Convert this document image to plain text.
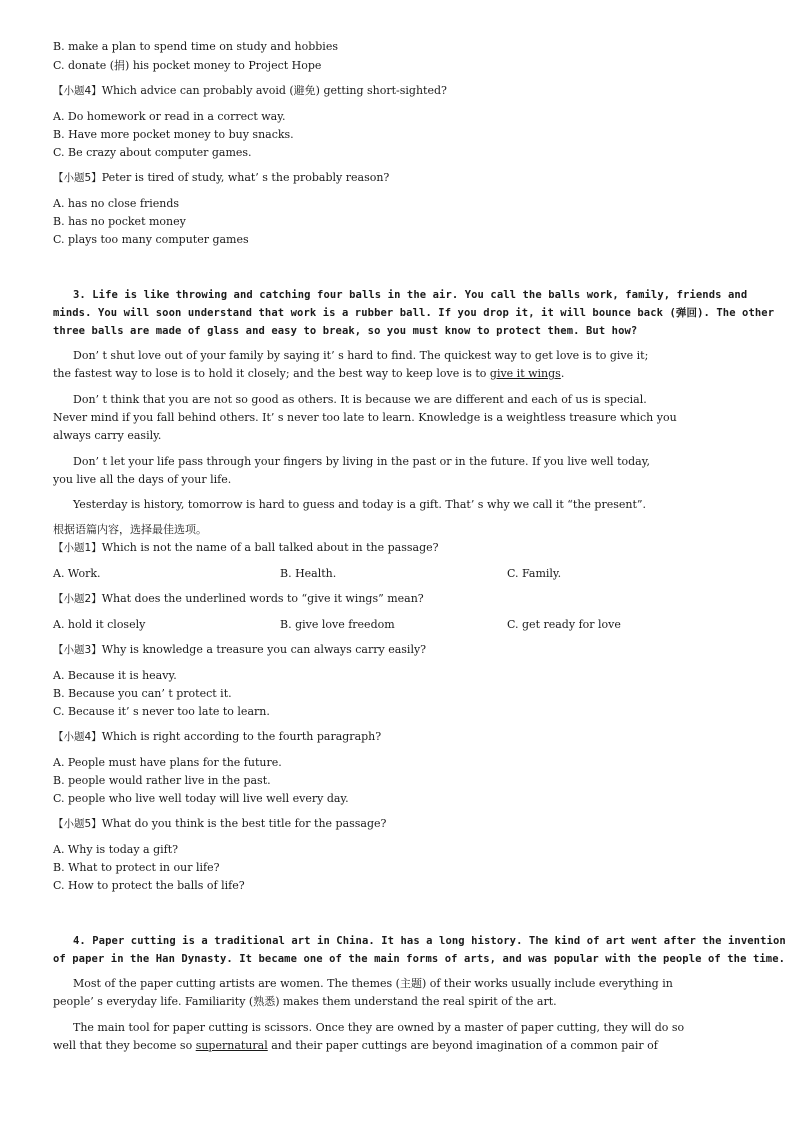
B. make a plan to spend time on study and hobbies
C. donate (捐) his pocket money to Project Hope
【小题4】Which advice can probably avoid (避免) getting short-sighted?
A. Do homework or read in a correct way.
B. Have more pocket money to buy snacks.
C. Be crazy about computer games.
【小题5】Peter is tired of study, what’ s the probably reason?
A. has no close friends
B. has no pocket money
C. plays too many computer games
3. Life is like throwing and catching four balls in the air. You call the balls work, family, friends and
minds. You will soon understand that work is a rubber ball. If you drop it, it will bounce back (弹回). The other
three balls are made of glass and easy to break, so you must know to protect them. But how?
Don’ t shut love out of your family by saying it’ s hard to find. The quickest way to get love is to give it;
the fastest way to lose is to hold it closely; and the best way to keep love is to give it wings.
Don’ t think that you are not so good as others. It is because we are different and each of us is special.
Never mind if you fall behind others. It’ s never too late to learn. Knowledge is a weightless treasure which you
always carry easily.
Don’ t let your life pass through your fingers by living in the past or in the future. If you live well today,
you live all the days of your life.
Yesterday is history, tomorrow is hard to guess and today is a gift. That’ s why we call it “the present”.
根据语篇内容，选择最佳选项。
【小题1】Which is not the name of a ball talked about in the passage?
A. Work.	B. Health.	C. Family.
【小题2】What does the underlined words to “give it wings” mean?
A. hold it closely	B. give love freedom	C. get ready for love
【小题3】Why is knowledge a treasure you can always carry easily?
A. Because it is heavy.
B. Because you can’ t protect it.
C. Because it’ s never too late to learn.
【小题4】Which is right according to the fourth paragraph?
A. People must have plans for the future.
B. people would rather live in the past.
C. people who live well today will live well every day.
【小题5】What do you think is the best title for the passage?
A. Why is today a gift?
B. What to protect in our life?
C. How to protect the balls of life?
4. Paper cutting is a traditional art in China. It has a long history. The kind of art went after the invention
of paper in the Han Dynasty. It became one of the main forms of arts, and was popular with the people of the time.
Most of the paper cutting artists are women. The themes (主题) of their works usually include everything in
people’ s everyday life. Familiarity (熟悉) makes them understand the real spirit of the art.
The main tool for paper cutting is scissors. Once they are owned by a master of paper cutting, they will do so
well that they become so supernatural and their paper cuttings are beyond imagination of a common pair of
